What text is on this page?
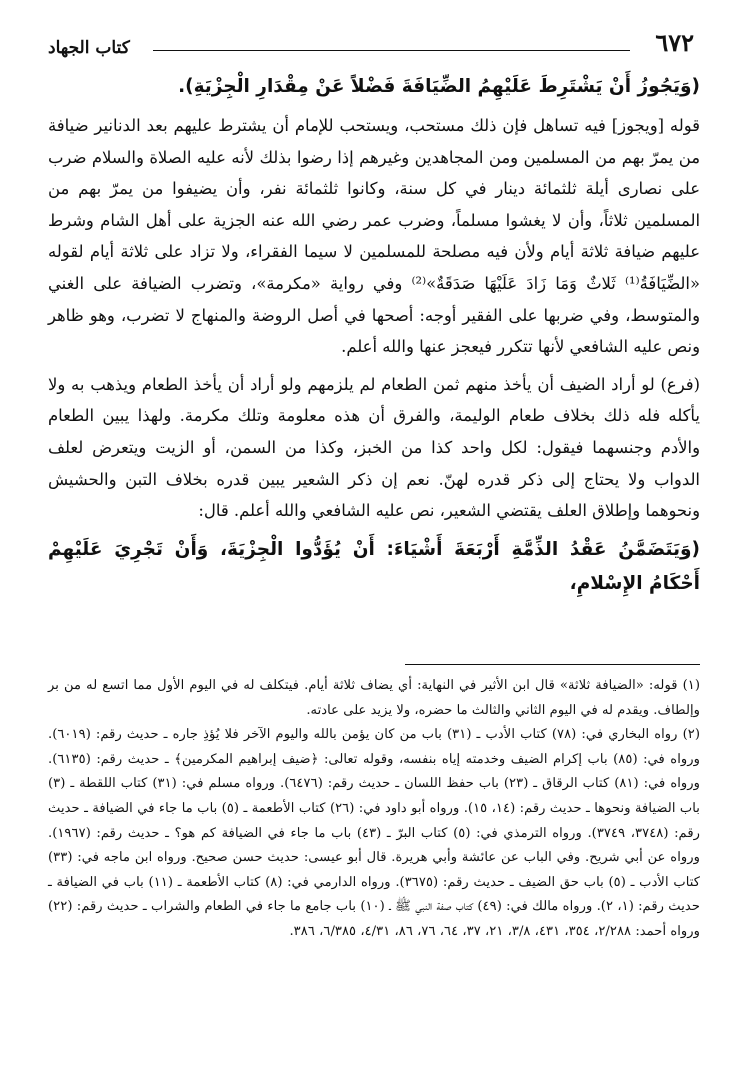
٦٧٢
كتاب الجهاد

(وَيَجُوزُ أَنْ يَشْتَرِطَ عَلَيْهِمُ الضِّيَافَةَ فَضْلاً عَنْ مِقْدَارِ الْجِزْيَةِ).

قوله [ويجوز] فيه تساهل فإن ذلك مستحب، ويستحب للإمام أن يشترط عليهم بعد الدنانير ضيافة من يمرّ بهم من المسلمين ومن المجاهدين وغيرهم إذا رضوا بذلك لأنه عليه الصلاة والسلام ضرب على نصارى أيلة ثلثمائة دينار في كل سنة، وكانوا ثلثمائة نفر، وأن يضيفوا من يمرّ بهم من المسلمين ثلاثاً، وأن لا يغشوا مسلماً، وضرب عمر رضي الله عنه الجزية على أهل الشام وشرط عليهم ضيافة ثلاثة أيام ولأن فيه مصلحة للمسلمين لا سيما الفقراء، ولا تزاد على ثلاثة أيام لقوله «الضِّيَافَةُ⁽¹⁾ ثَلاثٌ وَمَا زَادَ عَلَيْهَا صَدَقَةٌ»⁽²⁾ وفي رواية «مكرمة»، وتضرب الضيافة على الغني والمتوسط، وفي ضربها على الفقير أوجه: أصحها في أصل الروضة والمنهاج لا تضرب، وهو ظاهر ونص عليه الشافعي لأنها تتكرر فيعجز عنها والله أعلم.

(فرع) لو أراد الضيف أن يأخذ منهم ثمن الطعام لم يلزمهم ولو أراد أن يأخذ الطعام ويذهب به ولا يأكله فله ذلك بخلاف طعام الوليمة، والفرق أن هذه معلومة وتلك مكرمة. ولهذا يبين الطعام والأدم وجنسهما فيقول: لكل واحد كذا من الخبز، وكذا من السمن، أو الزيت ويتعرض لعلف الدواب ولا يحتاج إلى ذكر قدره لهنّ. نعم إن ذكر الشعير يبين قدره بخلاف التبن والحشيش ونحوهما وإطلاق العلف يقتضي الشعير، نص عليه الشافعي والله أعلم. قال:

(وَيَتَضَمَّنُ عَقْدُ الذِّمَّةِ أَرْبَعَةَ أَشْيَاءَ: أَنْ يُؤَدُّوا الْجِزْيَةَ، وَأَنْ تَجْرِيَ عَلَيْهِمْ أَحْكَامُ الإِسْلامِ،

(١) قوله: «الضيافة ثلاثة» قال ابن الأثير في النهاية: أي يضاف ثلاثة أيام. فيتكلف له في اليوم الأول مما اتسع له من بر وإلطاف. ويقدم له في اليوم الثاني والثالث ما حضره، ولا يزيد على عادته.

(٢) رواه البخاري في: (٧٨) كتاب الأدب ـ (٣١) باب من كان يؤمن بالله واليوم الآخر فلا يُؤذِ جاره ـ حديث رقم: (٦٠١٩). ورواه في: (٨٥) باب إكرام الضيف وخدمته إياه بنفسه، وقوله تعالى: ﴿ضيف إبراهيم المكرمين﴾ ـ حديث رقم: (٦١٣٥). ورواه في: (٨١) كتاب الرقاق ـ (٢٣) باب حفظ اللسان ـ حديث رقم: (٦٤٧٦). ورواه مسلم في: (٣١) كتاب اللقطة ـ (٣) باب الضيافة ونحوها ـ حديث رقم: (١٤، ١٥). ورواه أبو داود في: (٢٦) كتاب الأطعمة ـ (٥) باب ما جاء في الضيافة ـ حديث رقم: (٣٧٤٨، ٣٧٤٩). ورواه الترمذي في: (٥) كتاب البرّ ـ (٤٣) باب ما جاء في الضيافة كم هو؟ ـ حديث رقم: (١٩٦٧). ورواه عن أبي شريح. وفي الباب عن عائشة وأبي هريرة. قال أبو عيسى: حديث حسن صحيح. ورواه ابن ماجه في: (٣٣) كتاب الأدب ـ (٥) باب حق الضيف ـ حديث رقم: (٣٦٧٥). ورواه الدارمي في: (٨) كتاب الأطعمة ـ (١١) باب في الضيافة ـ حديث رقم: (١، ٢). ورواه مالك في: (٤٩) كتاب صفة النبي ﷺ ـ (١٠) باب جامع ما جاء في الطعام والشراب ـ حديث رقم: (٢٢) ورواه أحمد: ٢/٢٨٨، ٣٥٤، ٤٣١، ٣/٨، ٢١، ٣٧، ٦٤، ٧٦، ٨٦، ٤/٣١، ٦/٣٨٥، ٣٨٦.
